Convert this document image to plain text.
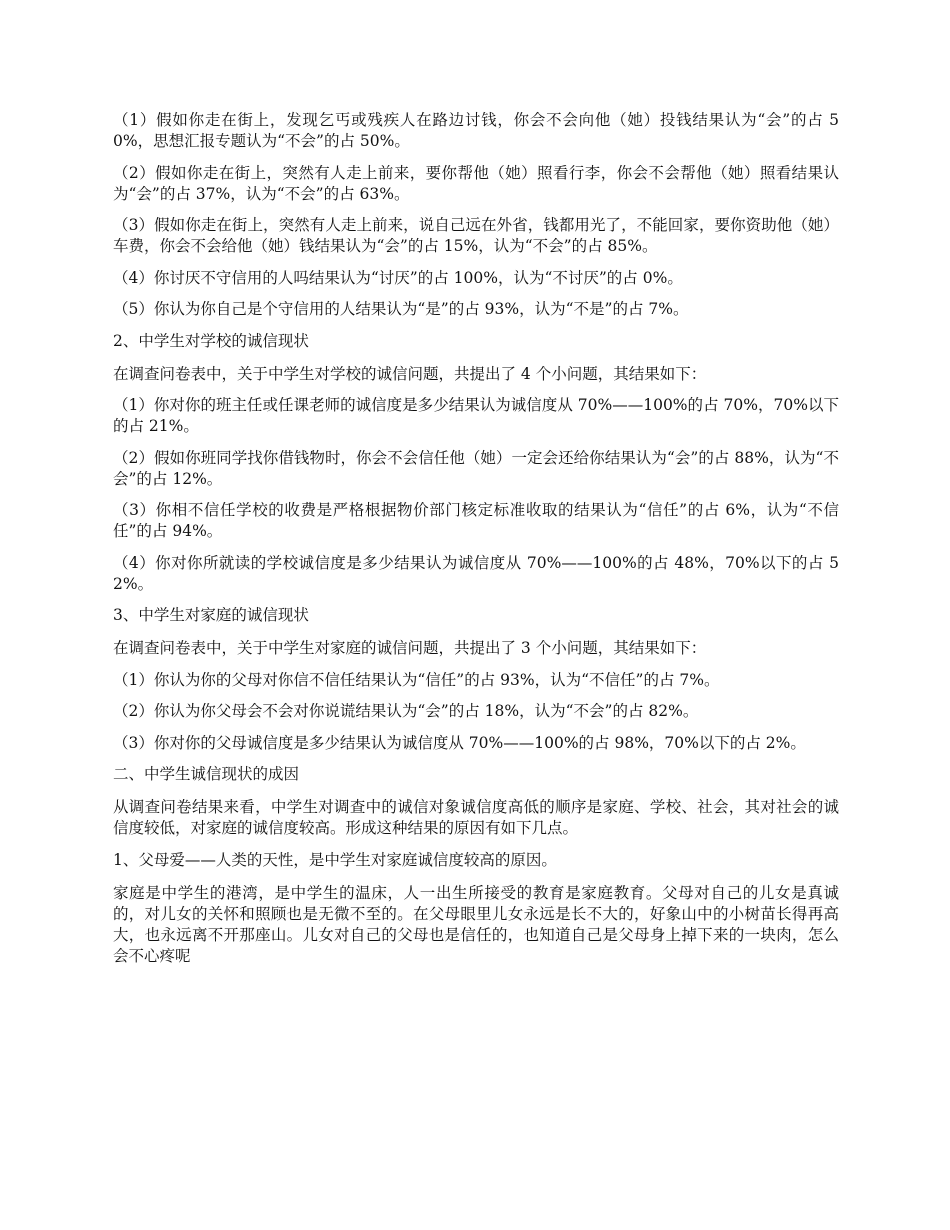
（1）假如你走在街上，发现乞丐或残疾人在路边讨钱，你会不会向他（她）投钱结果认为“会”的占 50%，思想汇报专题认为“不会”的占 50%。

（2）假如你走在街上，突然有人走上前来，要你帮他（她）照看行李，你会不会帮他（她）照看结果认为“会”的占 37%，认为“不会”的占 63%。

（3）假如你走在街上，突然有人走上前来，说自己远在外省，钱都用光了，不能回家，要你资助他（她）车费，你会不会给他（她）钱结果认为“会”的占 15%，认为“不会”的占 85%。

（4）你讨厌不守信用的人吗结果认为“讨厌”的占 100%，认为“不讨厌”的占 0%。

（5）你认为你自己是个守信用的人结果认为“是”的占 93%，认为“不是”的占 7%。

2、中学生对学校的诚信现状

在调查问卷表中，关于中学生对学校的诚信问题，共提出了 4 个小问题，其结果如下：

（1）你对你的班主任或任课老师的诚信度是多少结果认为诚信度从 70%——100%的占 70%，70%以下的占 21%。

（2）假如你班同学找你借钱物时，你会不会信任他（她）一定会还给你结果认为“会”的占 88%，认为“不会”的占 12%。

（3）你相不信任学校的收费是严格根据物价部门核定标准收取的结果认为“信任”的占 6%，认为“不信任”的占 94%。

（4）你对你所就读的学校诚信度是多少结果认为诚信度从 70%——100%的占 48%，70%以下的占 52%。

3、中学生对家庭的诚信现状

在调查问卷表中，关于中学生对家庭的诚信问题，共提出了 3 个小问题，其结果如下：

（1）你认为你的父母对你信不信任结果认为“信任”的占 93%，认为“不信任”的占 7%。

（2）你认为你父母会不会对你说谎结果认为“会”的占 18%，认为“不会”的占 82%。

（3）你对你的父母诚信度是多少结果认为诚信度从 70%——100%的占 98%，70%以下的占 2%。

二、中学生诚信现状的成因

从调查问卷结果来看，中学生对调查中的诚信对象诚信度高低的顺序是家庭、学校、社会，其对社会的诚信度较低，对家庭的诚信度较高。形成这种结果的原因有如下几点。

1、父母爱——人类的天性，是中学生对家庭诚信度较高的原因。

家庭是中学生的港湾，是中学生的温床，人一出生所接受的教育是家庭教育。父母对自己的儿女是真诚的，对儿女的关怀和照顾也是无微不至的。在父母眼里儿女永远是长不大的，好象山中的小树苗长得再高大，也永远离不开那座山。儿女对自己的父母也是信任的，也知道自己是父母身上掉下来的一块肉，怎么会不心疼呢
